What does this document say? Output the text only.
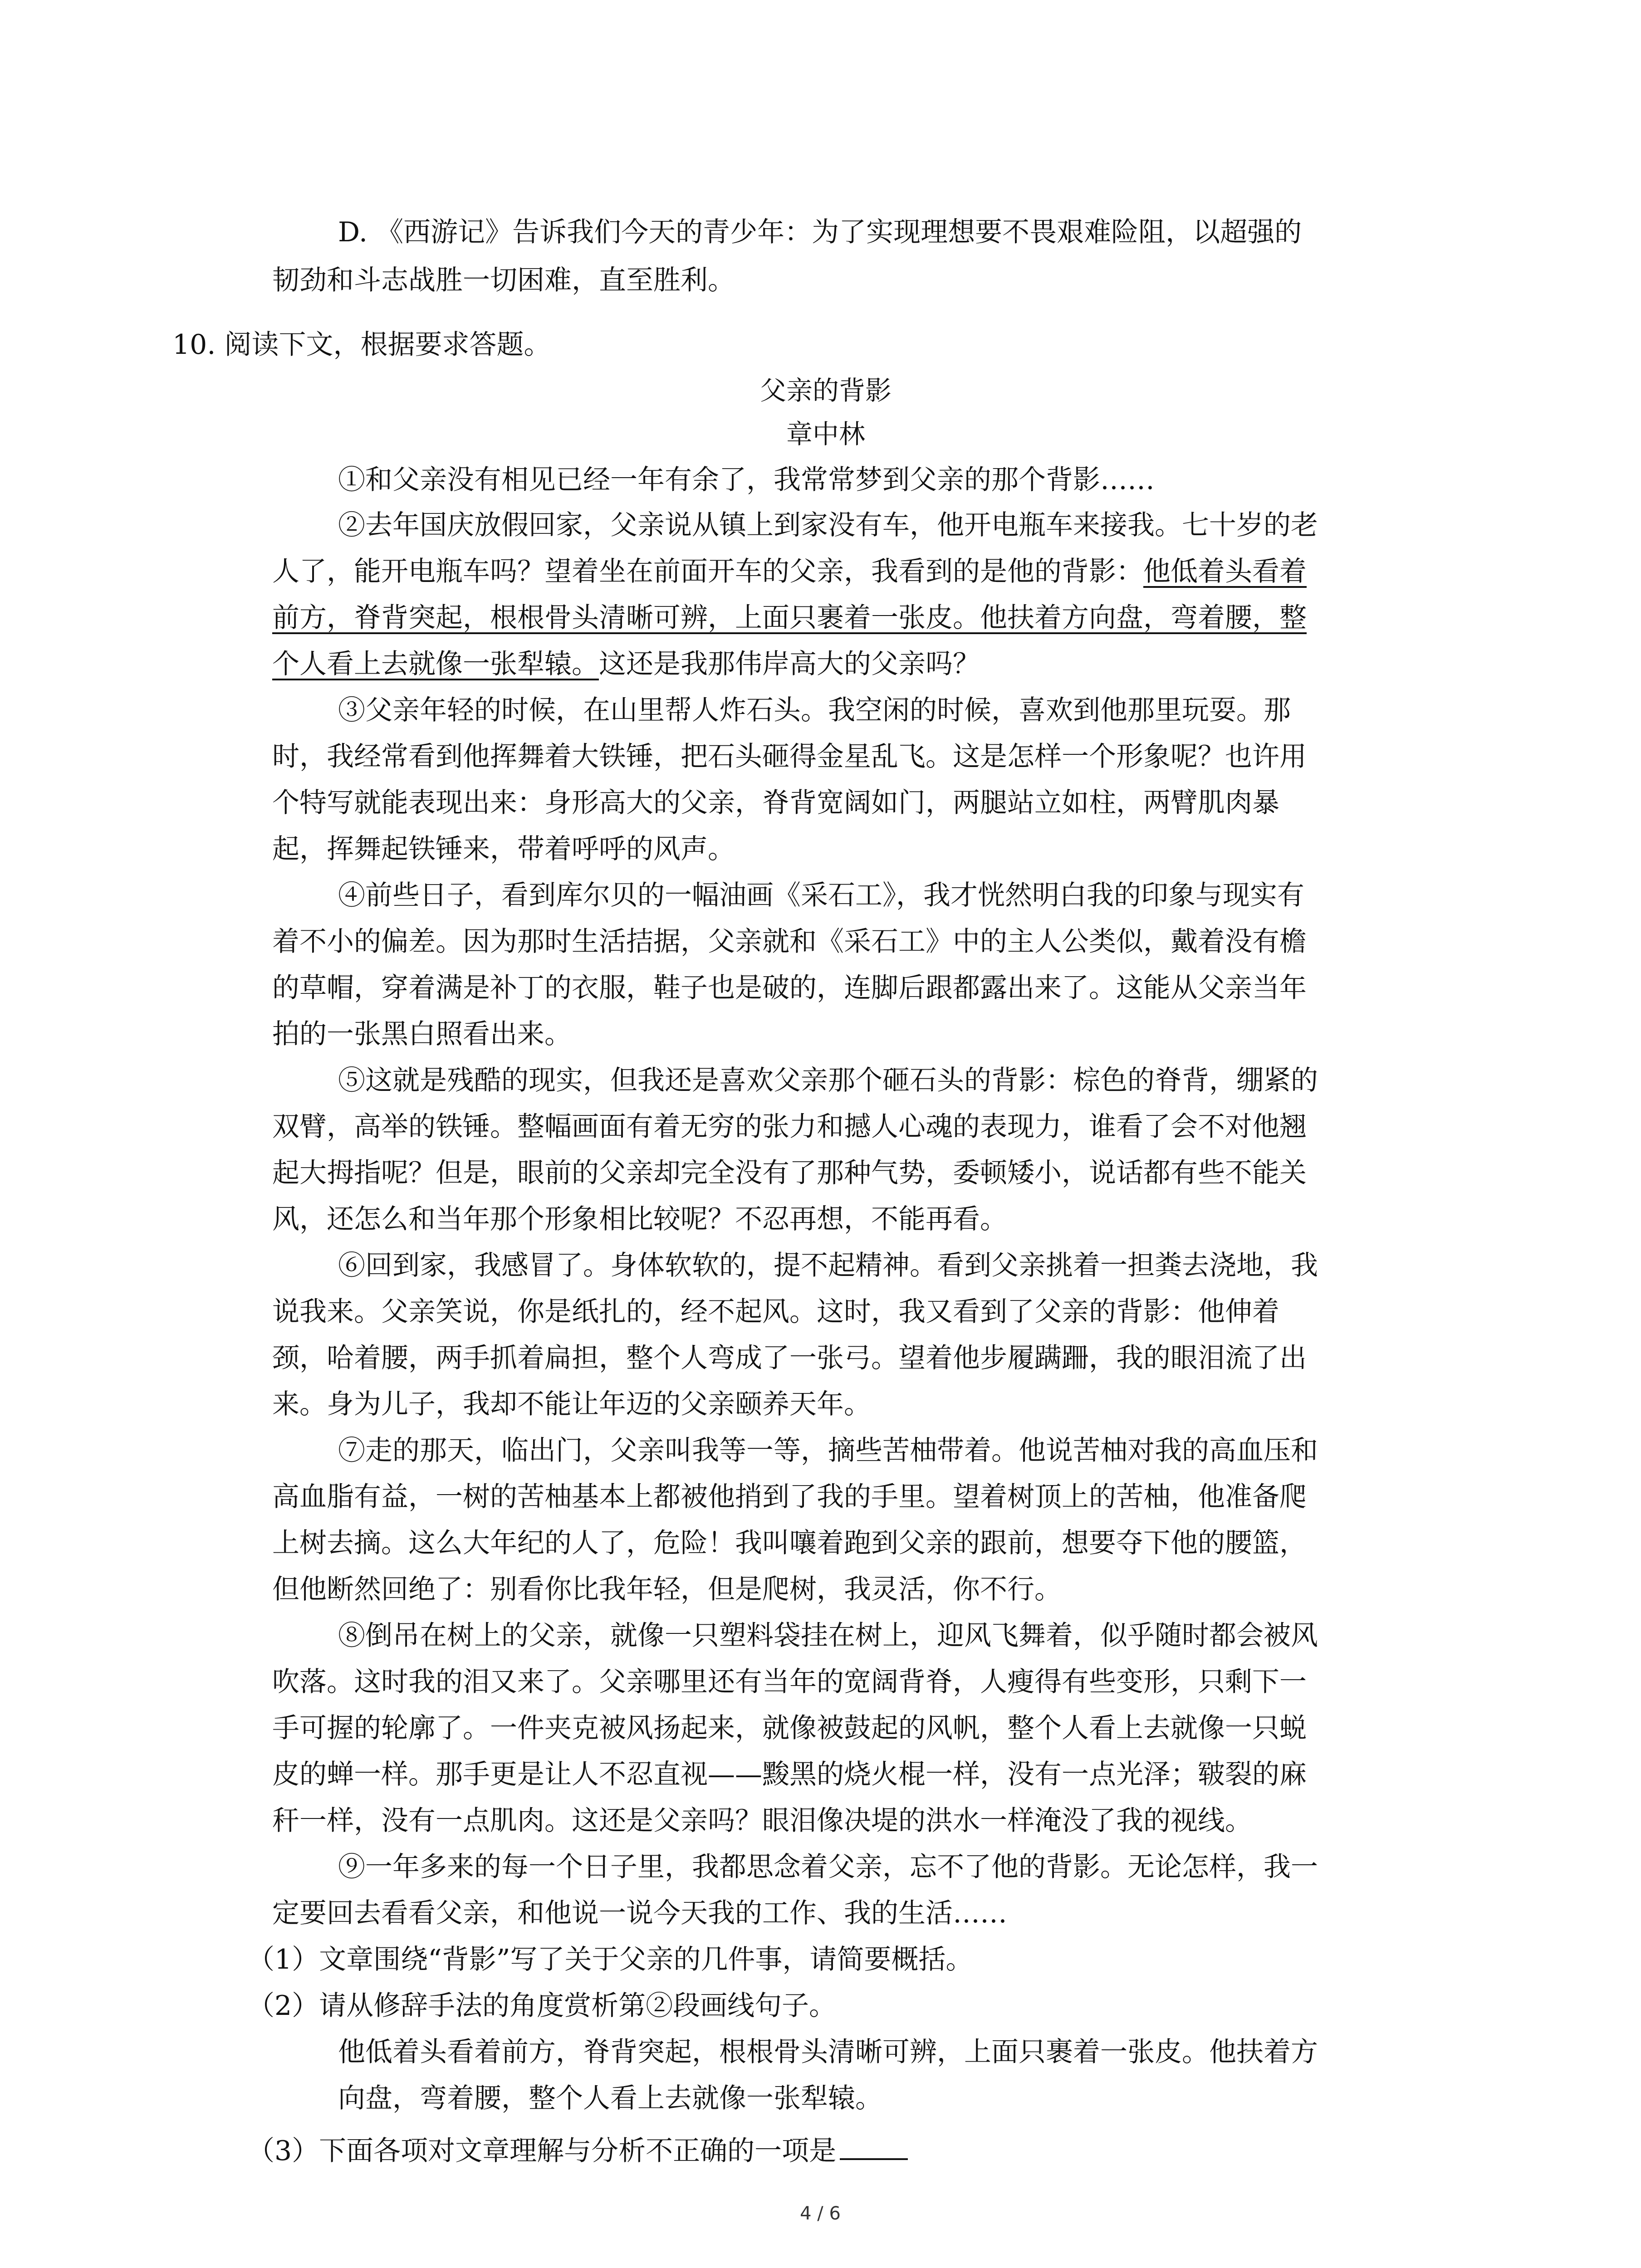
D. 《西游记》告诉我们今天的青少年：为了实现理想要不畏艰难险阻，以超强的
韧劲和斗志战胜一切困难，直至胜利。
10. 阅读下文，根据要求答题。
父亲的背影
章中林
①和父亲没有相见已经一年有余了，我常常梦到父亲的那个背影……
②去年国庆放假回家，父亲说从镇上到家没有车，他开电瓶车来接我。七十岁的老
人了，能开电瓶车吗？望着坐在前面开车的父亲，我看到的是他的背影：他低着头看着
前方，脊背突起，根根骨头清晰可辨，上面只裹着一张皮。他扶着方向盘，弯着腰，整
个人看上去就像一张犁辕。这还是我那伟岸高大的父亲吗？
③父亲年轻的时候，在山里帮人炸石头。我空闲的时候，喜欢到他那里玩耍。那
时，我经常看到他挥舞着大铁锤，把石头砸得金星乱飞。这是怎样一个形象呢？也许用
个特写就能表现出来：身形高大的父亲，脊背宽阔如门，两腿站立如柱，两臂肌肉暴
起，挥舞起铁锤来，带着呼呼的风声。
④前些日子，看到库尔贝的一幅油画《采石工》，我才恍然明白我的印象与现实有
着不小的偏差。因为那时生活拮据，父亲就和《采石工》中的主人公类似，戴着没有檐
的草帽，穿着满是补丁的衣服，鞋子也是破的，连脚后跟都露出来了。这能从父亲当年
拍的一张黑白照看出来。
⑤这就是残酷的现实，但我还是喜欢父亲那个砸石头的背影：棕色的脊背，绷紧的
双臂，高举的铁锤。整幅画面有着无穷的张力和撼人心魂的表现力，谁看了会不对他翘
起大拇指呢？但是，眼前的父亲却完全没有了那种气势，委顿矮小，说话都有些不能关
风，还怎么和当年那个形象相比较呢？不忍再想，不能再看。
⑥回到家，我感冒了。身体软软的，提不起精神。看到父亲挑着一担粪去浇地，我
说我来。父亲笑说，你是纸扎的，经不起风。这时，我又看到了父亲的背影：他伸着
颈，哈着腰，两手抓着扁担，整个人弯成了一张弓。望着他步履蹒跚，我的眼泪流了出
来。身为儿子，我却不能让年迈的父亲颐养天年。
⑦走的那天，临出门，父亲叫我等一等，摘些苦柚带着。他说苦柚对我的高血压和
高血脂有益，一树的苦柚基本上都被他捎到了我的手里。望着树顶上的苦柚，他准备爬
上树去摘。这么大年纪的人了，危险！我叫嚷着跑到父亲的跟前，想要夺下他的腰篮，
但他断然回绝了：别看你比我年轻，但是爬树，我灵活，你不行。
⑧倒吊在树上的父亲，就像一只塑料袋挂在树上，迎风飞舞着，似乎随时都会被风
吹落。这时我的泪又来了。父亲哪里还有当年的宽阔背脊，人瘦得有些变形，只剩下一
手可握的轮廓了。一件夹克被风扬起来，就像被鼓起的风帆，整个人看上去就像一只蜕
皮的蝉一样。那手更是让人不忍直视——黢黑的烧火棍一样，没有一点光泽；皲裂的麻
秆一样，没有一点肌肉。这还是父亲吗？眼泪像决堤的洪水一样淹没了我的视线。
⑨一年多来的每一个日子里，我都思念着父亲，忘不了他的背影。无论怎样，我一
定要回去看看父亲，和他说一说今天我的工作、我的生活……
（1）文章围绕“背影”写了关于父亲的几件事，请简要概括。
（2）请从修辞手法的角度赏析第②段画线句子。
他低着头看着前方，脊背突起，根根骨头清晰可辨，上面只裹着一张皮。他扶着方
向盘，弯着腰，整个人看上去就像一张犁辕。
（3）下面各项对文章理解与分析不正确的一项是
4 / 6
